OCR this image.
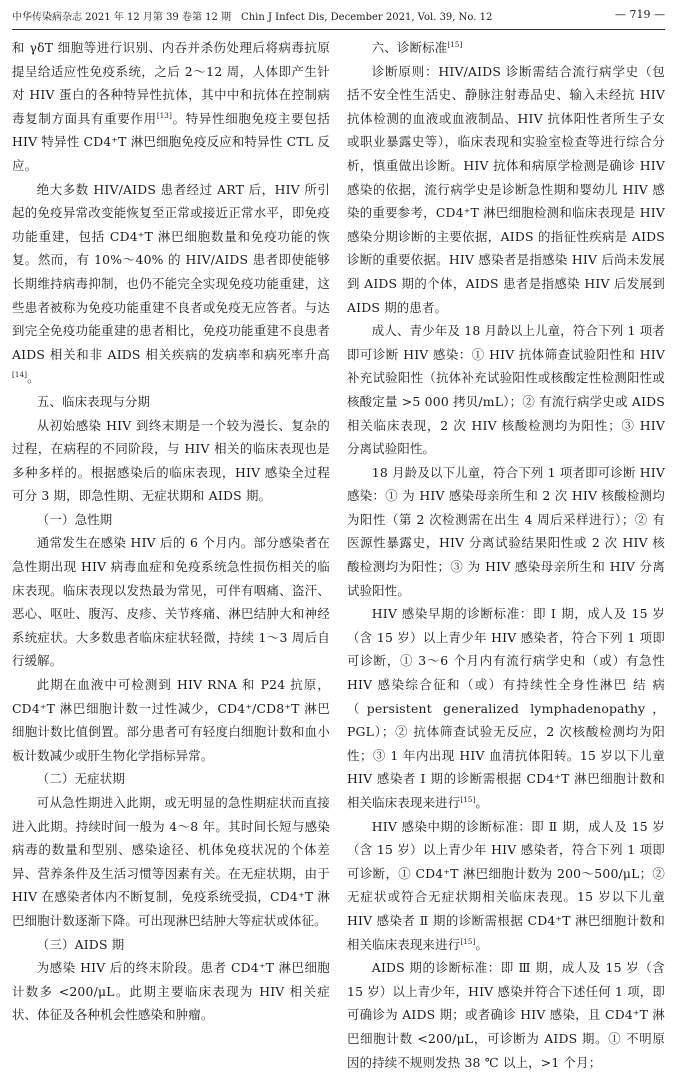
中华传染病杂志 2021 年 12 月第 39 卷第 12 期　Chin J Infect Dis, December 2021, Vol. 39, No. 12	— 719 —

和 γδT 细胞等进行识别、内吞并杀伤处理后将病毒抗原提呈给适应性免疫系统，之后 2～12 周，人体即产生针对 HIV 蛋白的各种特异性抗体，其中中和抗体在控制病毒复制方面具有重要作用[13]。特异性细胞免疫主要包括 HIV 特异性 CD4⁺T 淋巴细胞免疫反应和特异性 CTL 反应。

绝大多数 HIV/AIDS 患者经过 ART 后，HIV 所引起的免疫异常改变能恢复至正常或接近正常水平，即免疫功能重建，包括 CD4⁺T 淋巴细胞数量和免疫功能的恢复。然而，有 10%～40% 的 HIV/AIDS 患者即使能够长期维持病毒抑制，也仍不能完全实现免疫功能重建，这些患者被称为免疫功能重建不良者或免疫无应答者。与达到完全免疫功能重建的患者相比，免疫功能重建不良患者 AIDS 相关和非 AIDS 相关疾病的发病率和病死率升高[14]。

五、临床表现与分期

从初始感染 HIV 到终末期是一个较为漫长、复杂的过程，在病程的不同阶段，与 HIV 相关的临床表现也是多种多样的。根据感染后的临床表现，HIV 感染全过程可分 3 期，即急性期、无症状期和 AIDS 期。

（一）急性期

通常发生在感染 HIV 后的 6 个月内。部分感染者在急性期出现 HIV 病毒血症和免疫系统急性损伤相关的临床表现。临床表现以发热最为常见，可伴有咽痛、盗汗、恶心、呕吐、腹泻、皮疹、关节疼痛、淋巴结肿大和神经系统症状。大多数患者临床症状轻微，持续 1～3 周后自行缓解。

此期在血液中可检测到 HIV RNA 和 P24 抗原，CD4⁺T 淋巴细胞计数一过性减少，CD4⁺/CD8⁺T 淋巴细胞计数比值倒置。部分患者可有轻度白细胞计数和血小板计数减少或肝生物化学指标异常。

（二）无症状期

可从急性期进入此期，或无明显的急性期症状而直接进入此期。持续时间一般为 4～8 年。其时间长短与感染病毒的数量和型别、感染途径、机体免疫状况的个体差异、营养条件及生活习惯等因素有关。在无症状期，由于 HIV 在感染者体内不断复制，免疫系统受损，CD4⁺T 淋巴细胞计数逐渐下降。可出现淋巴结肿大等症状或体征。

（三）AIDS 期

为感染 HIV 后的终末阶段。患者 CD4⁺T 淋巴细胞计数多 <200/μL。此期主要临床表现为 HIV 相关症状、体征及各种机会性感染和肿瘤。

六、诊断标准[15]

诊断原则：HIV/AIDS 诊断需结合流行病学史（包括不安全性生活史、静脉注射毒品史、输入未经抗 HIV 抗体检测的血液或血液制品、HIV 抗体阳性者所生子女或职业暴露史等），临床表现和实验室检查等进行综合分析，慎重做出诊断。HIV 抗体和病原学检测是确诊 HIV 感染的依据，流行病学史是诊断急性期和婴幼儿 HIV 感染的重要参考，CD4⁺T 淋巴细胞检测和临床表现是 HIV 感染分期诊断的主要依据，AIDS 的指征性疾病是 AIDS 诊断的重要依据。HIV 感染者是指感染 HIV 后尚未发展到 AIDS 期的个体，AIDS 患者是指感染 HIV 后发展到 AIDS 期的患者。

成人、青少年及 18 月龄以上儿童，符合下列 1 项者即可诊断 HIV 感染：① HIV 抗体筛查试验阳性和 HIV 补充试验阳性（抗体补充试验阳性或核酸定性检测阳性或核酸定量 >5 000 拷贝/mL）；② 有流行病学史或 AIDS 相关临床表现，2 次 HIV 核酸检测均为阳性；③ HIV 分离试验阳性。

18 月龄及以下儿童，符合下列 1 项者即可诊断 HIV 感染：① 为 HIV 感染母亲所生和 2 次 HIV 核酸检测均为阳性（第 2 次检测需在出生 4 周后采样进行）；② 有医源性暴露史，HIV 分离试验结果阳性或 2 次 HIV 核酸检测均为阳性；③ 为 HIV 感染母亲所生和 HIV 分离试验阳性。

HIV 感染早期的诊断标准：即 Ⅰ 期，成人及 15 岁（含 15 岁）以上青少年 HIV 感染者，符合下列 1 项即可诊断，① 3～6 个月内有流行病学史和（或）有急性 HIV 感染综合征和（或）有持续性全身性淋巴 结 病（persistent generalized lymphadenopathy，PGL）；② 抗体筛查试验无反应，2 次核酸检测均为阳性；③ 1 年内出现 HIV 血清抗体阳转。15 岁以下儿童 HIV 感染者 Ⅰ 期的诊断需根据 CD4⁺T 淋巴细胞计数和相关临床表现来进行[15]。

HIV 感染中期的诊断标准：即 Ⅱ 期，成人及 15 岁（含 15 岁）以上青少年 HIV 感染者，符合下列 1 项即可诊断，① CD4⁺T 淋巴细胞计数为 200～500/μL；② 无症状或符合无症状期相关临床表现。15 岁以下儿童 HIV 感染者 Ⅱ 期的诊断需根据 CD4⁺T 淋巴细胞计数和相关临床表现来进行[15]。

AIDS 期的诊断标准：即 Ⅲ 期，成人及 15 岁（含 15 岁）以上青少年，HIV 感染并符合下述任何 1 项，即可确诊为 AIDS 期；或者确诊 HIV 感染，且 CD4⁺T 淋巴细胞计数 <200/μL，可诊断为 AIDS 期。① 不明原因的持续不规则发热 38 ℃ 以上，>1 个月；
